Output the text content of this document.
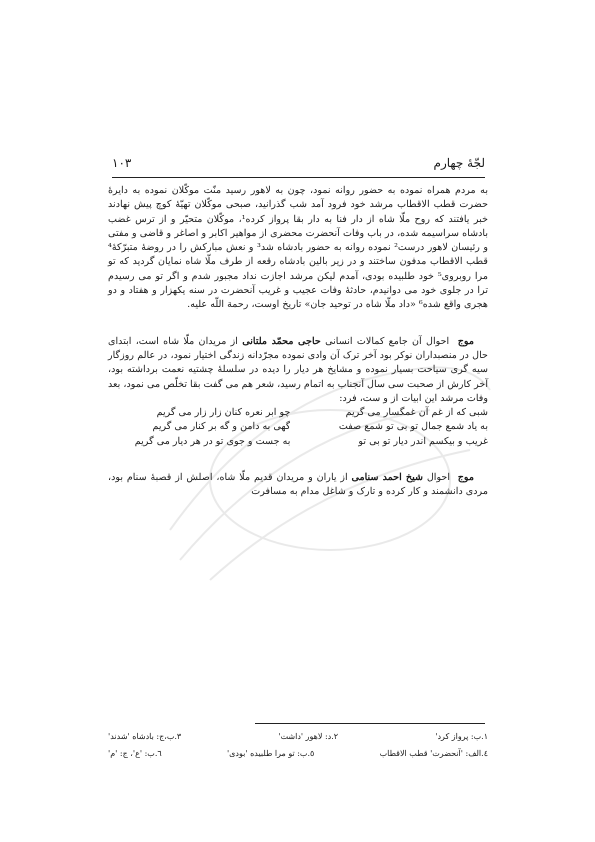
لجّهٔ چهارم
۱۰۳

به مردم همراه نموده به حضور روانه نمود، چون به لاهور رسید منّت موکّلان نموده به دایرهٔ حضرت قطب الاقطاب مرشد خود فرود آمد شب گذرانید، صبحی موکّلان تهیّهٔ کوچ پیش نهادند خبر یافتند که روح ملّا شاه از دار فنا به دار بقا پرواز کرده¹، موکّلان متحیّر و از ترس غضب بادشاه سراسیمه شده، در باب وفات آنحضرت محضری از مواهیر اکابر و اصاغر و قاضی و مفتی و رئیسان لاهور درست² نموده روانه به حضور بادشاه شد³ و نعش مبارکش را در روضهٔ متبرّکهٔ⁴ قطب الاقطاب مدفون ساختند و در زیر بالین بادشاه رقعه از طرف ملّا شاه نمایان گردید که تو مرا روبروی⁵ خود طلبیده بودی، آمدم لیکن مرشد اجازت نداد مجبور شدم و اگر تو می رسیدم ترا در جلوی خود می دوانیدم، حادثهٔ وفات عجیب و غریب آنحضرت در سنه یکهزار و هفتاد و دو هجری واقع شده⁶ «داد ملّا شاه در توحید جان» تاریخ اوست، رحمة اللّه علیه.

موج  احوال آن جامع کمالات انسانی حاجی محمّد ملتانی از مریدان ملّا شاه است، ابتدای حال در منصبداران نوکر بود آخر ترک آن وادی نموده مجرّدانه زندگی اختیار نمود، در عالم روزگار سیه گری سیاحت بسیار نموده و مشایخ هر دیار را دیده در سلسلهٔ چشتیه نعمت برداشته بود، آخر کارش از صحبت سی سال آنجناب به اتمام رسید، شعر هم می گفت بقا تخلّص می نمود، بعد وفات مرشد این ابیات از و ست، فرد:

شبی که از غم آن غمگسار می گریم
چو ابر نعره کنان زار زار می گریم
به یاد شمع جمال تو بی تو شمع صفت
گهی به دامن و گه بر کنار می گریم
غریب و بیکسم اندر دیار تو بی تو
به جست و جوی تو در هر دیار می گریم

موج  احوال شیخ احمد سنامی از یاران و مریدان قدیم ملّا شاه، اصلش از قصبهٔ سنام بود، مردی دانشمند و کار کرده و تارک و شاغل مدام به مسافرت

۱.ب: پرواز کرد'
۲.د: لاهور 'داشت'
۳.ب،ج: بادشاه 'شدند'
٤.الف: 'آنحضرت' قطب الاقطاب
٥.ب: تو مرا طلبیده 'بودی'
٦.ب: 'ع'، ج: 'م'
